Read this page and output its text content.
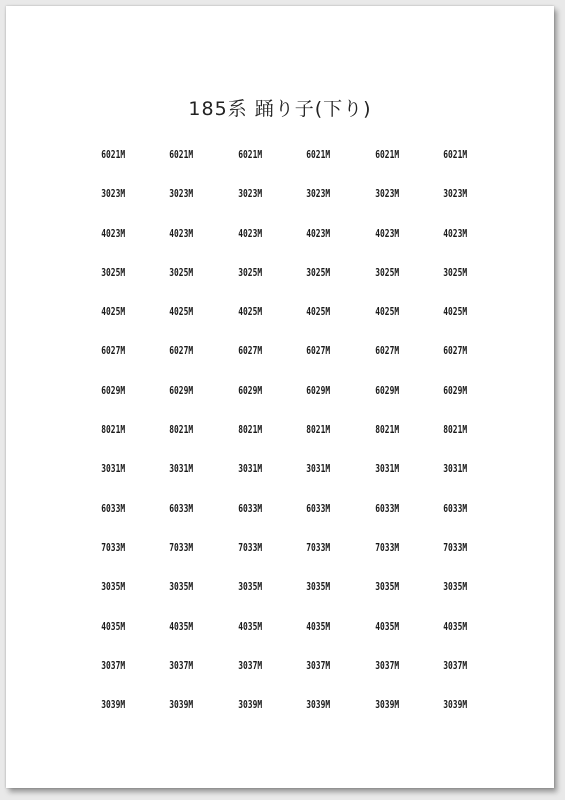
185系 踊り子(下り)
6021M	6021M	6021M	6021M	6021M	6021M
3023M	3023M	3023M	3023M	3023M	3023M
4023M	4023M	4023M	4023M	4023M	4023M
3025M	3025M	3025M	3025M	3025M	3025M
4025M	4025M	4025M	4025M	4025M	4025M
6027M	6027M	6027M	6027M	6027M	6027M
6029M	6029M	6029M	6029M	6029M	6029M
8021M	8021M	8021M	8021M	8021M	8021M
3031M	3031M	3031M	3031M	3031M	3031M
6033M	6033M	6033M	6033M	6033M	6033M
7033M	7033M	7033M	7033M	7033M	7033M
3035M	3035M	3035M	3035M	3035M	3035M
4035M	4035M	4035M	4035M	4035M	4035M
3037M	3037M	3037M	3037M	3037M	3037M
3039M	3039M	3039M	3039M	3039M	3039M
